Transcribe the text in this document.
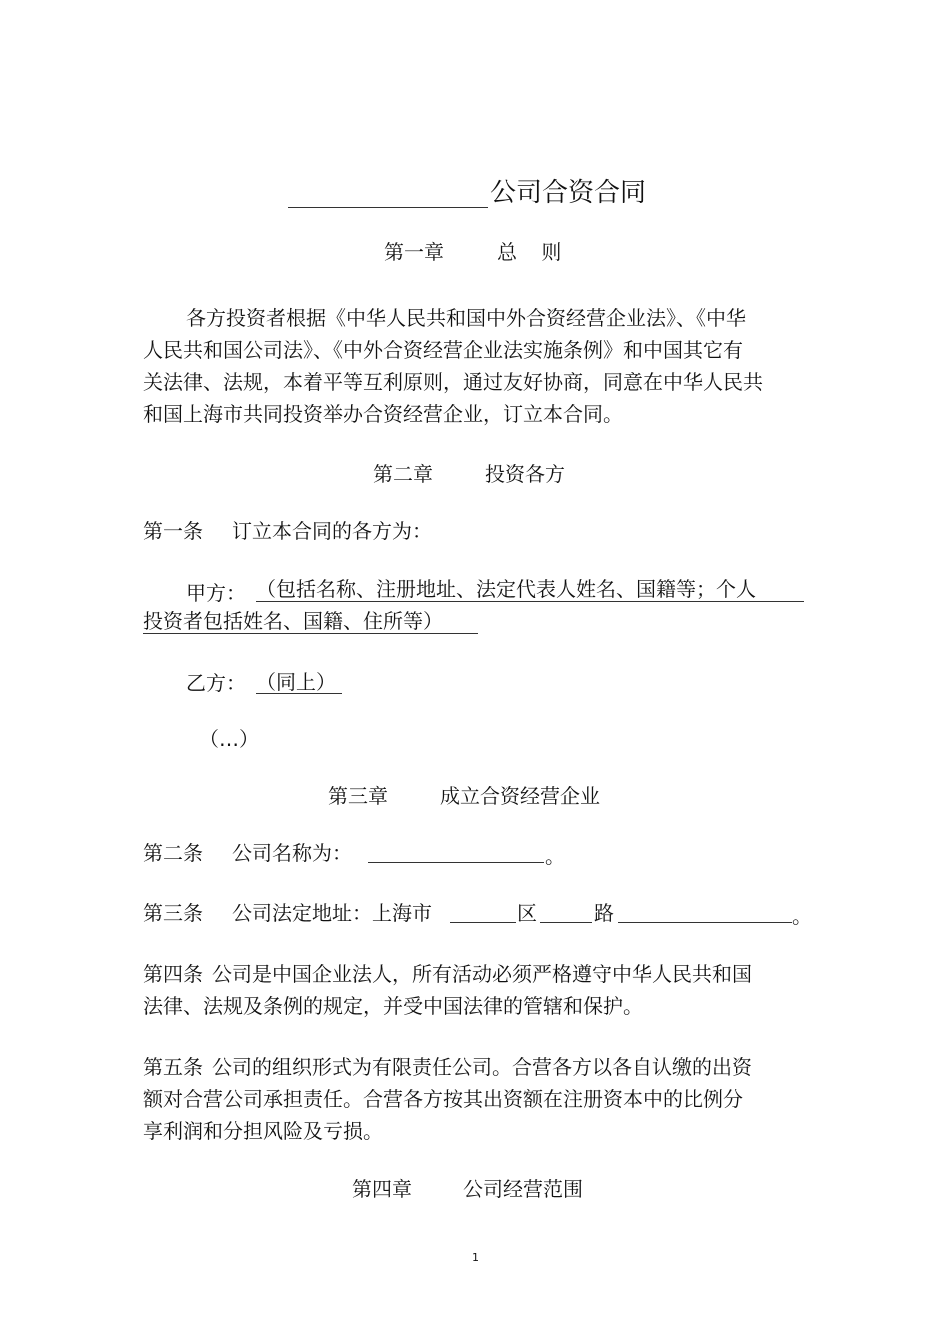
公司合资合同
第一章	总 则
各方投资者根据《中华人民共和国中外合资经营企业法》、《中华
人民共和国公司法》、《中外合资经营企业法实施条例》和中国其它有
关法律、法规，本着平等互利原则，通过友好协商，同意在中华人民共
和国上海市共同投资举办合资经营企业，订立本合同。
第二章	投资各方
第一条 订立本合同的各方为：
甲方： （包括名称、注册地址、法定代表人姓名、国籍等；个人
投资者包括姓名、国籍、住所等）
乙方： （同上）
（…）
第三章	成立合资经营企业
第二条 公司名称为：	。
第三条 公司法定地址：上海市	区	路	。
第四条 公司是中国企业法人，所有活动必须严格遵守中华人民共和国
法律、法规及条例的规定，并受中国法律的管辖和保护。
第五条 公司的组织形式为有限责任公司。合营各方以各自认缴的出资
额对合营公司承担责任。合营各方按其出资额在注册资本中的比例分
享利润和分担风险及亏损。
第四章	公司经营范围
1
